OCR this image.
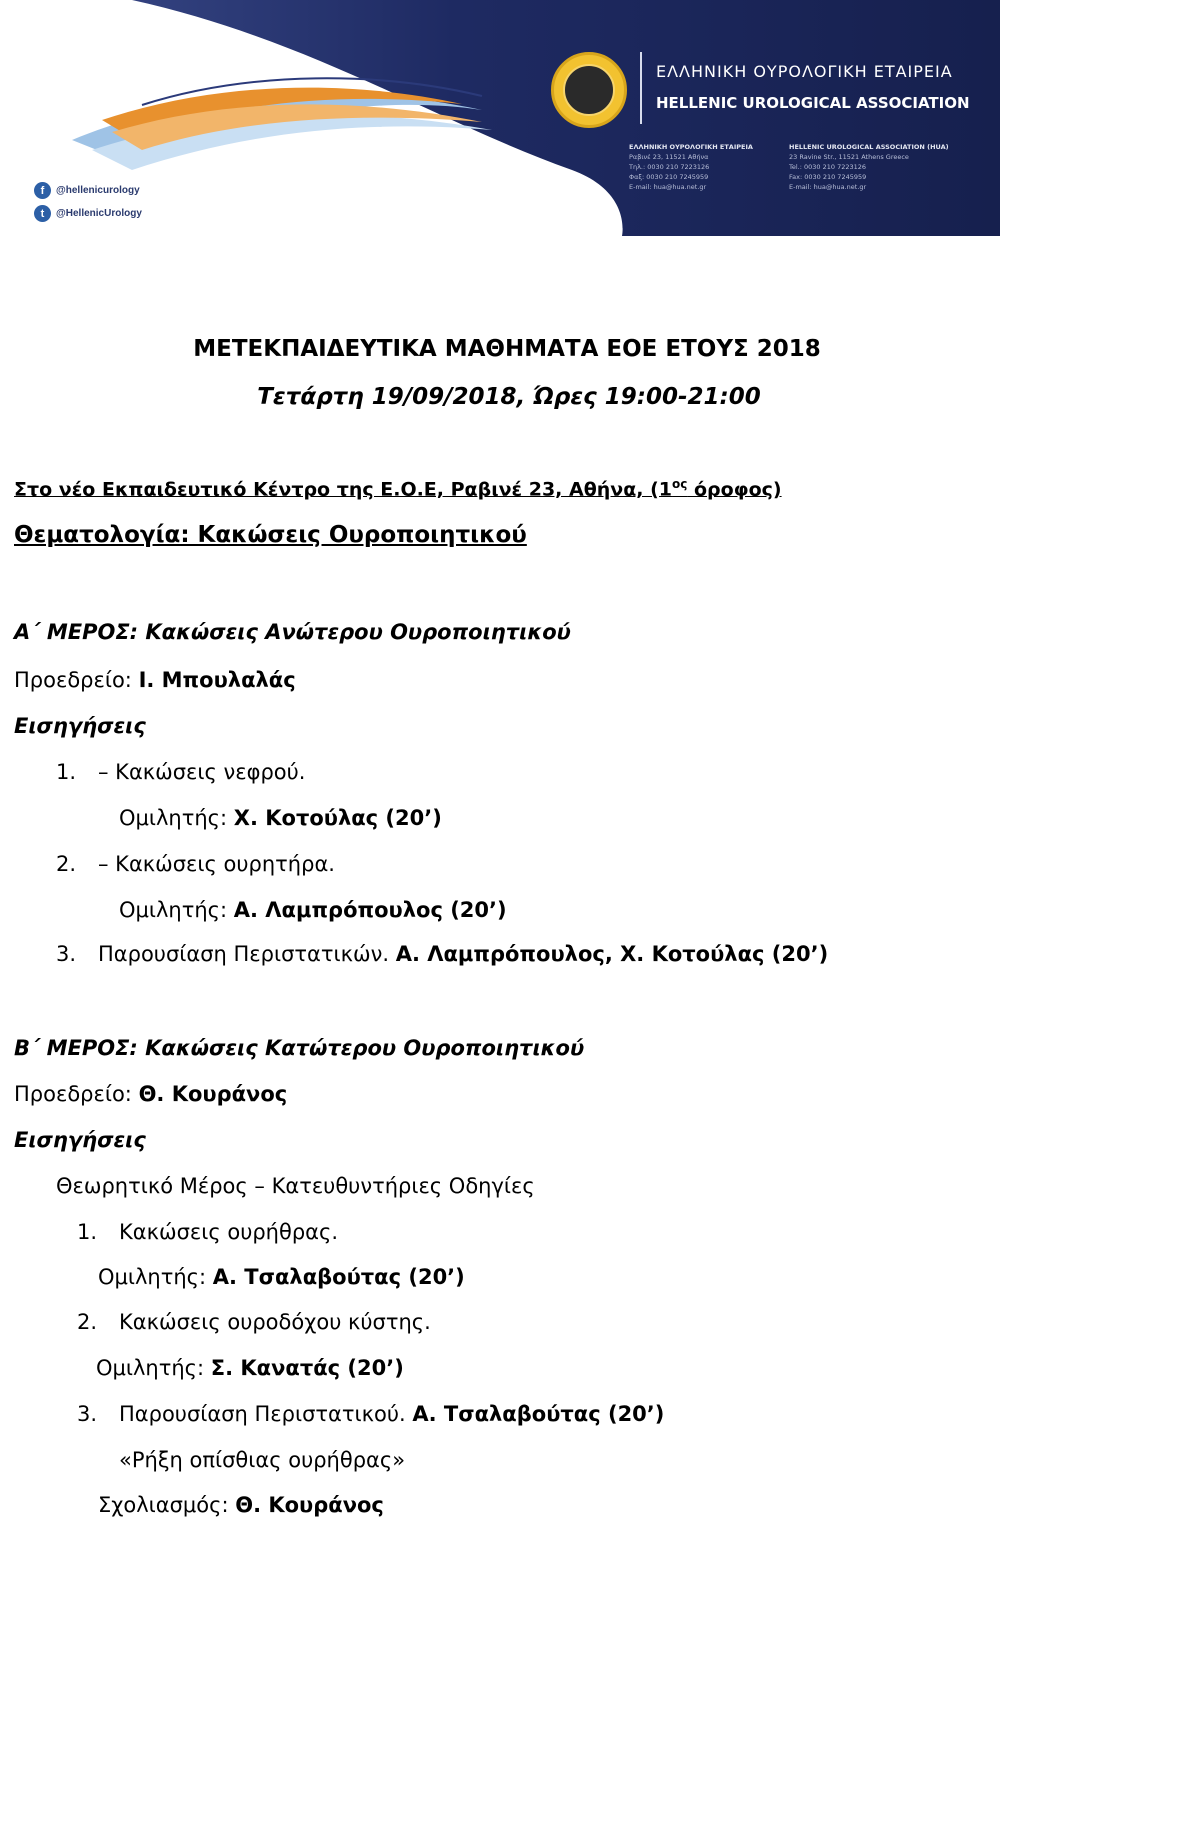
ΕΛΛΗΝΙΚΗ ΟΥΡΟΛΟΓΙΚΗ ΕΤΑΙΡΕΙΑ
HELLENIC UROLOGICAL ASSOCIATION
ΕΛΛΗΝΙΚΗ ΟΥΡΟΛΟΓΙΚΗ ΕΤΑΙΡΕΙΑ
Ραβινέ 23, 11521 Αθήνα
Τηλ.: 0030 210 7223126
Φαξ: 0030 210 7245959
E-mail: hua@hua.net.gr
HELLENIC UROLOGICAL ASSOCIATION (HUA)
23 Ravine Str., 11521 Athens Greece
Tel.: 0030 210 7223126
Fax: 0030 210 7245959
E-mail: hua@hua.net.gr
f	@hellenicurology
t	@HellenicUrology
ΜΕΤΕΚΠΑΙΔΕΥΤΙΚΑ ΜΑΘΗΜΑΤΑ ΕΟΕ ΕΤΟΥΣ 2018
Τετάρτη 19/09/2018, Ώρες 19:00-21:00
Στο νέο Εκπαιδευτικό Κέντρο της Ε.Ο.Ε, Ραβινέ 23, Αθήνα, ($1^{o\varsigma}$ όροφος)
Θεματολογία: Κακώσεις Ουροποιητικού
Α΄ ΜΕΡΟΣ: Κακώσεις Ανώτερου Ουροποιητικού
Προεδρείο: Ι. Μπουλαλάς
Εισηγήσεις
1. – Κακώσεις νεφρού.
Ομιλητής: Χ. Κοτούλας (20’)
2. – Κακώσεις ουρητήρα.
Ομιλητής: Α. Λαμπρόπουλος (20’)
3. Παρουσίαση Περιστατικών. Α. Λαμπρόπουλος, Χ. Κοτούλας (20’)
Β΄ ΜΕΡΟΣ: Κακώσεις Κατώτερου Ουροποιητικού
Προεδρείο: Θ. Κουράνος
Εισηγήσεις
Θεωρητικό Μέρος – Κατευθυντήριες Οδηγίες
1. Κακώσεις ουρήθρας.
Ομιλητής: Α. Τσαλαβούτας (20’)
2. Κακώσεις ουροδόχου κύστης.
Ομιλητής: Σ. Κανατάς (20’)
3. Παρουσίαση Περιστατικού. Α. Τσαλαβούτας (20’)
«Ρήξη οπίσθιας ουρήθρας»
Σχολιασμός: Θ. Κουράνος
